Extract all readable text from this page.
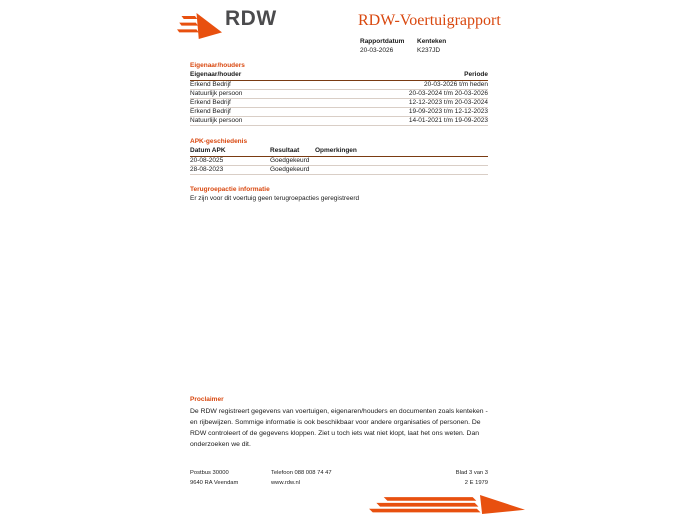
RDW	RDW-Voertuigrapport
Rapportdatum
20-03-2026
Kenteken
K237JD
Eigenaar/houders
Eigenaar/houder	Periode
Erkend Bedrijf	20-03-2026 t/m heden
Natuurlijk persoon	20-03-2024 t/m 20-03-2026
Erkend Bedrijf	12-12-2023 t/m 20-03-2024
Erkend Bedrijf	19-09-2023 t/m 12-12-2023
Natuurlijk persoon	14-01-2021 t/m 19-09-2023
APK-geschiedenis
Datum APK	Resultaat	Opmerkingen
20-08-2025	Goedgekeurd
28-08-2023	Goedgekeurd
Terugroepactie informatie
Er zijn voor dit voertuig geen terugroepacties geregistreerd
Proclaimer
De RDW registreert gegevens van voertuigen, eigenaren/houders en documenten zoals kenteken - en rijbewijzen. Sommige informatie is ook beschikbaar voor andere organisaties of personen. De RDW controleert of de gegevens kloppen. Ziet u toch iets wat niet klopt, laat het ons weten. Dan onderzoeken we dit.
Postbus 30000
9640 RA Veendam
Telefoon 088 008 74 47
www.rdw.nl
Blad 3 van 3
2 E 1979
